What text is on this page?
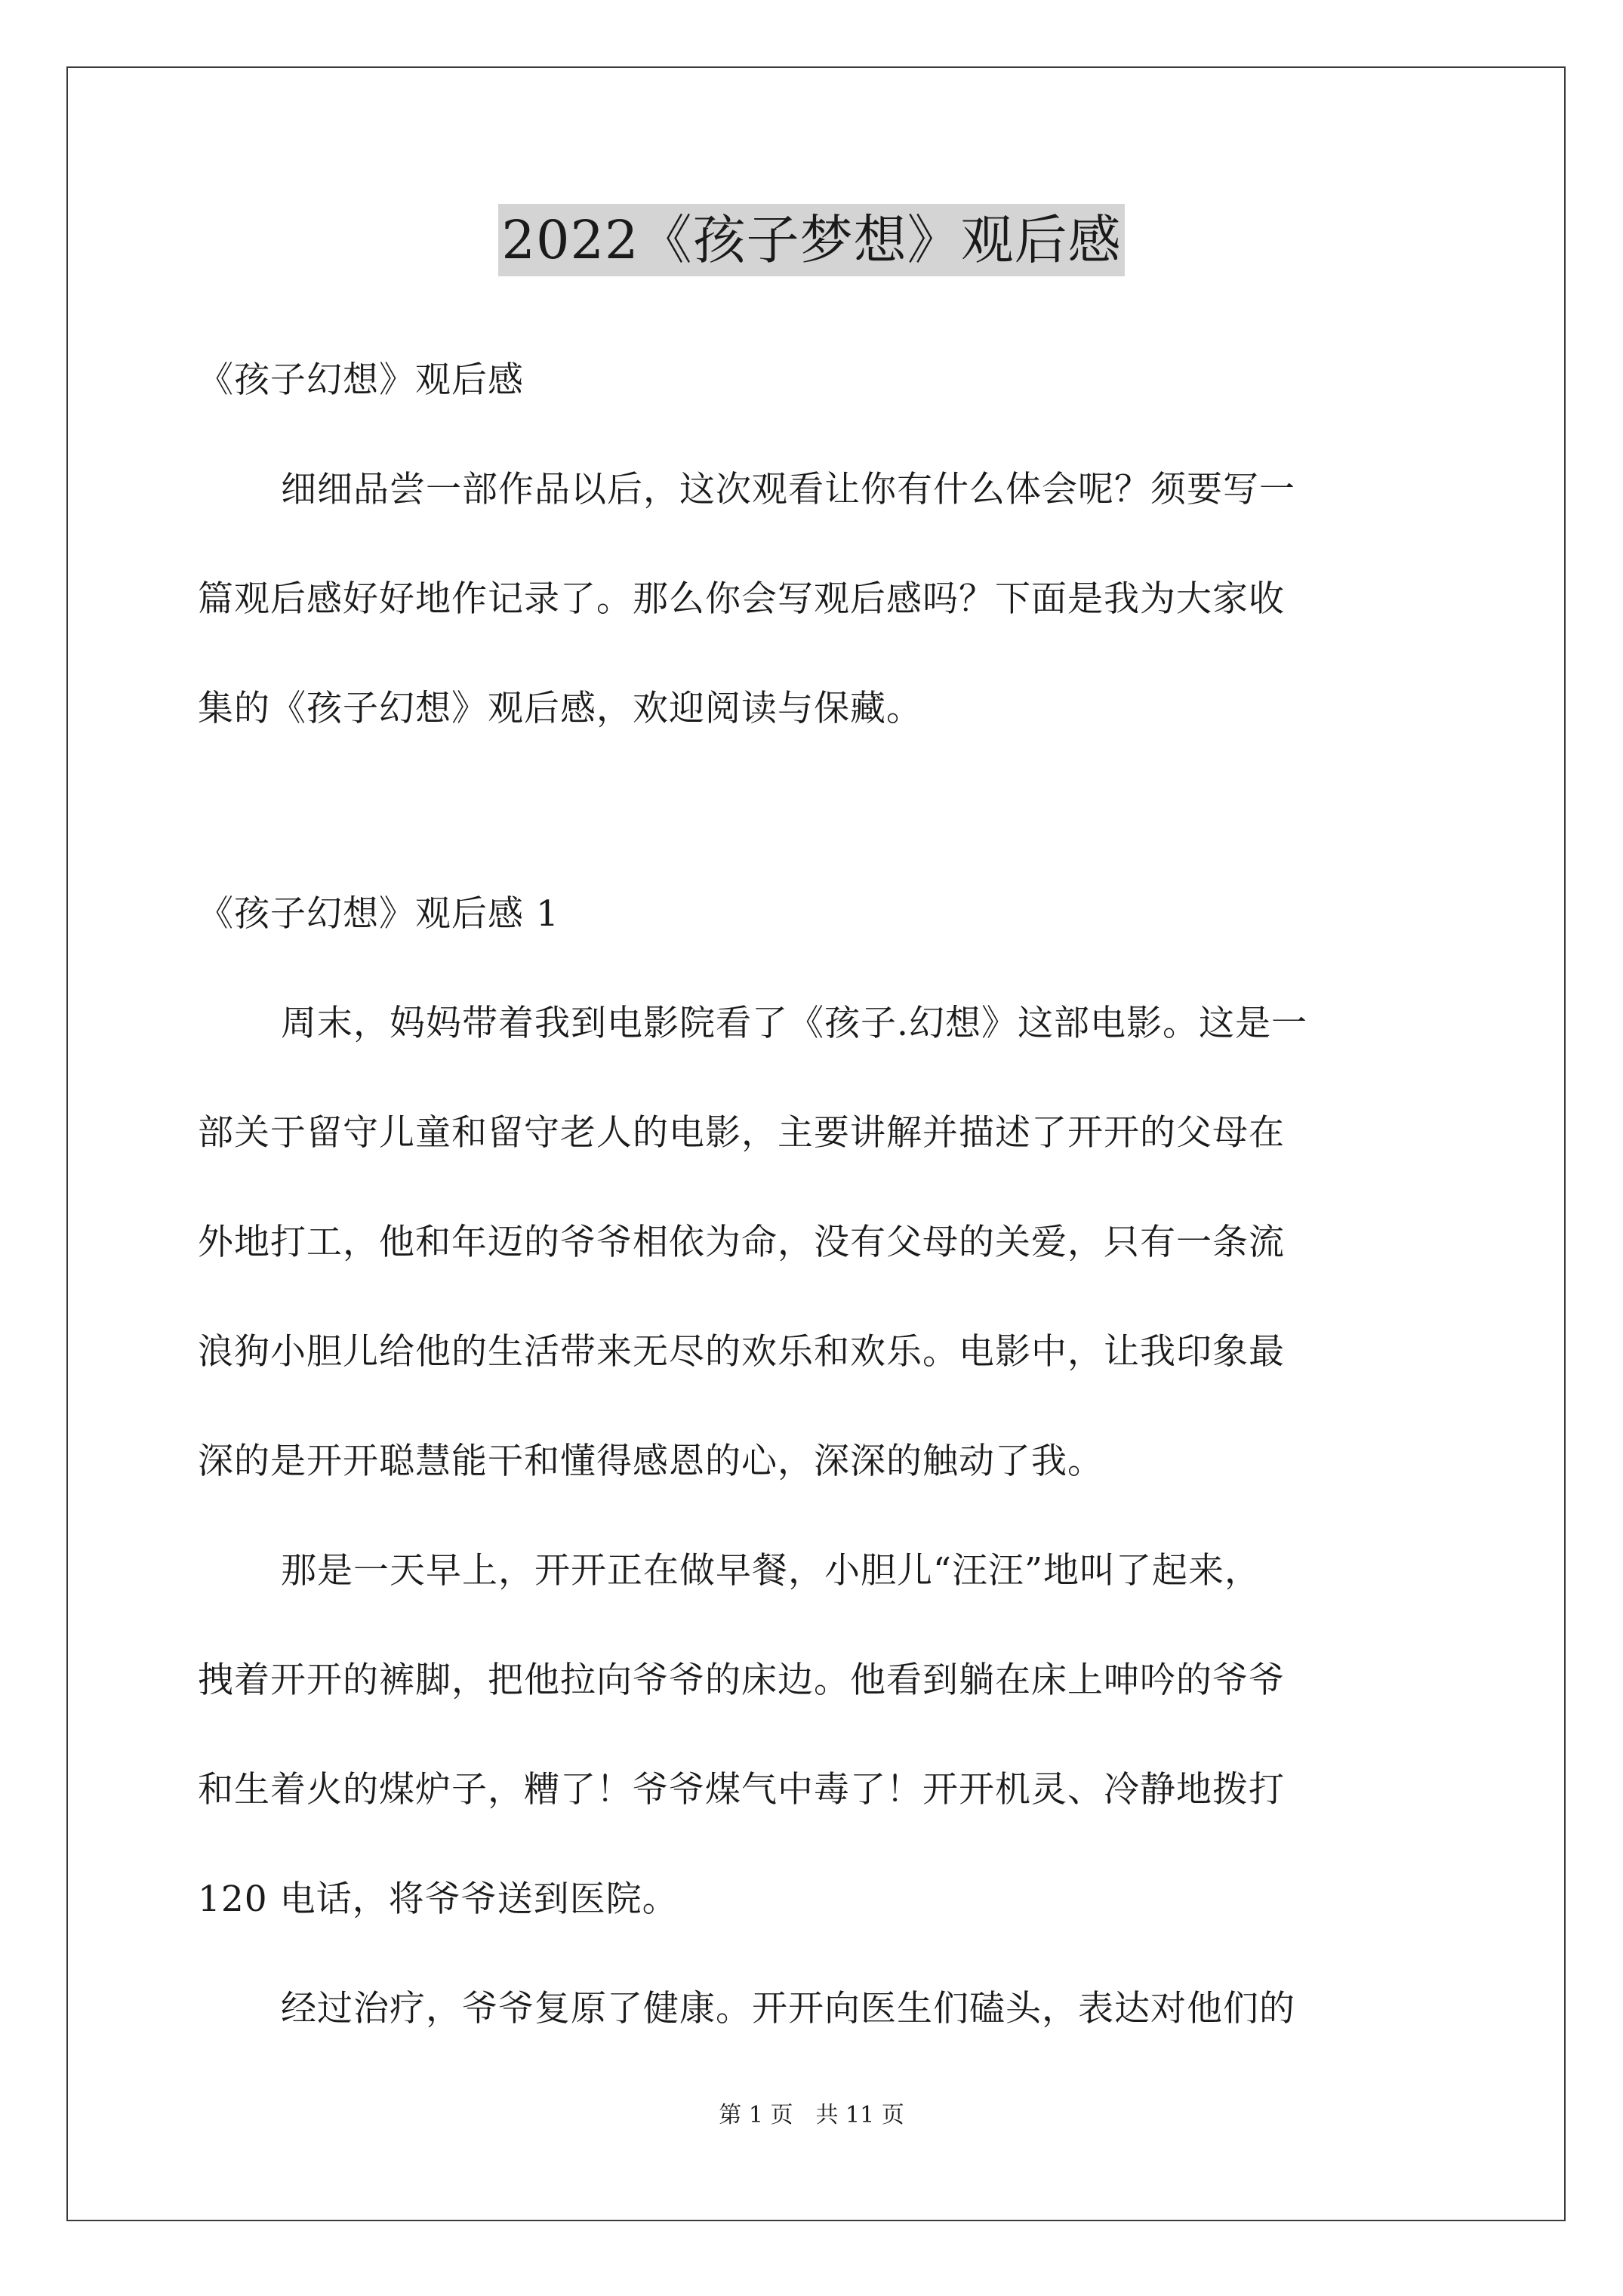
2022《孩子梦想》观后感
《孩子幻想》观后感
细细品尝一部作品以后，这次观看让你有什么体会呢？须要写一
篇观后感好好地作记录了。那么你会写观后感吗？下面是我为大家收
集的《孩子幻想》观后感，欢迎阅读与保藏。
《孩子幻想》观后感 1
周末，妈妈带着我到电影院看了《孩子.幻想》这部电影。这是一
部关于留守儿童和留守老人的电影，主要讲解并描述了开开的父母在
外地打工，他和年迈的爷爷相依为命，没有父母的关爱，只有一条流
浪狗小胆儿给他的生活带来无尽的欢乐和欢乐。电影中，让我印象最
深的是开开聪慧能干和懂得感恩的心，深深的触动了我。
那是一天早上，开开正在做早餐，小胆儿“汪汪”地叫了起来，
拽着开开的裤脚，把他拉向爷爷的床边。他看到躺在床上呻吟的爷爷
和生着火的煤炉子，糟了！爷爷煤气中毒了！开开机灵、冷静地拨打
120 电话，将爷爷送到医院。
经过治疗，爷爷复原了健康。开开向医生们磕头，表达对他们的
第 1 页　共 11 页
